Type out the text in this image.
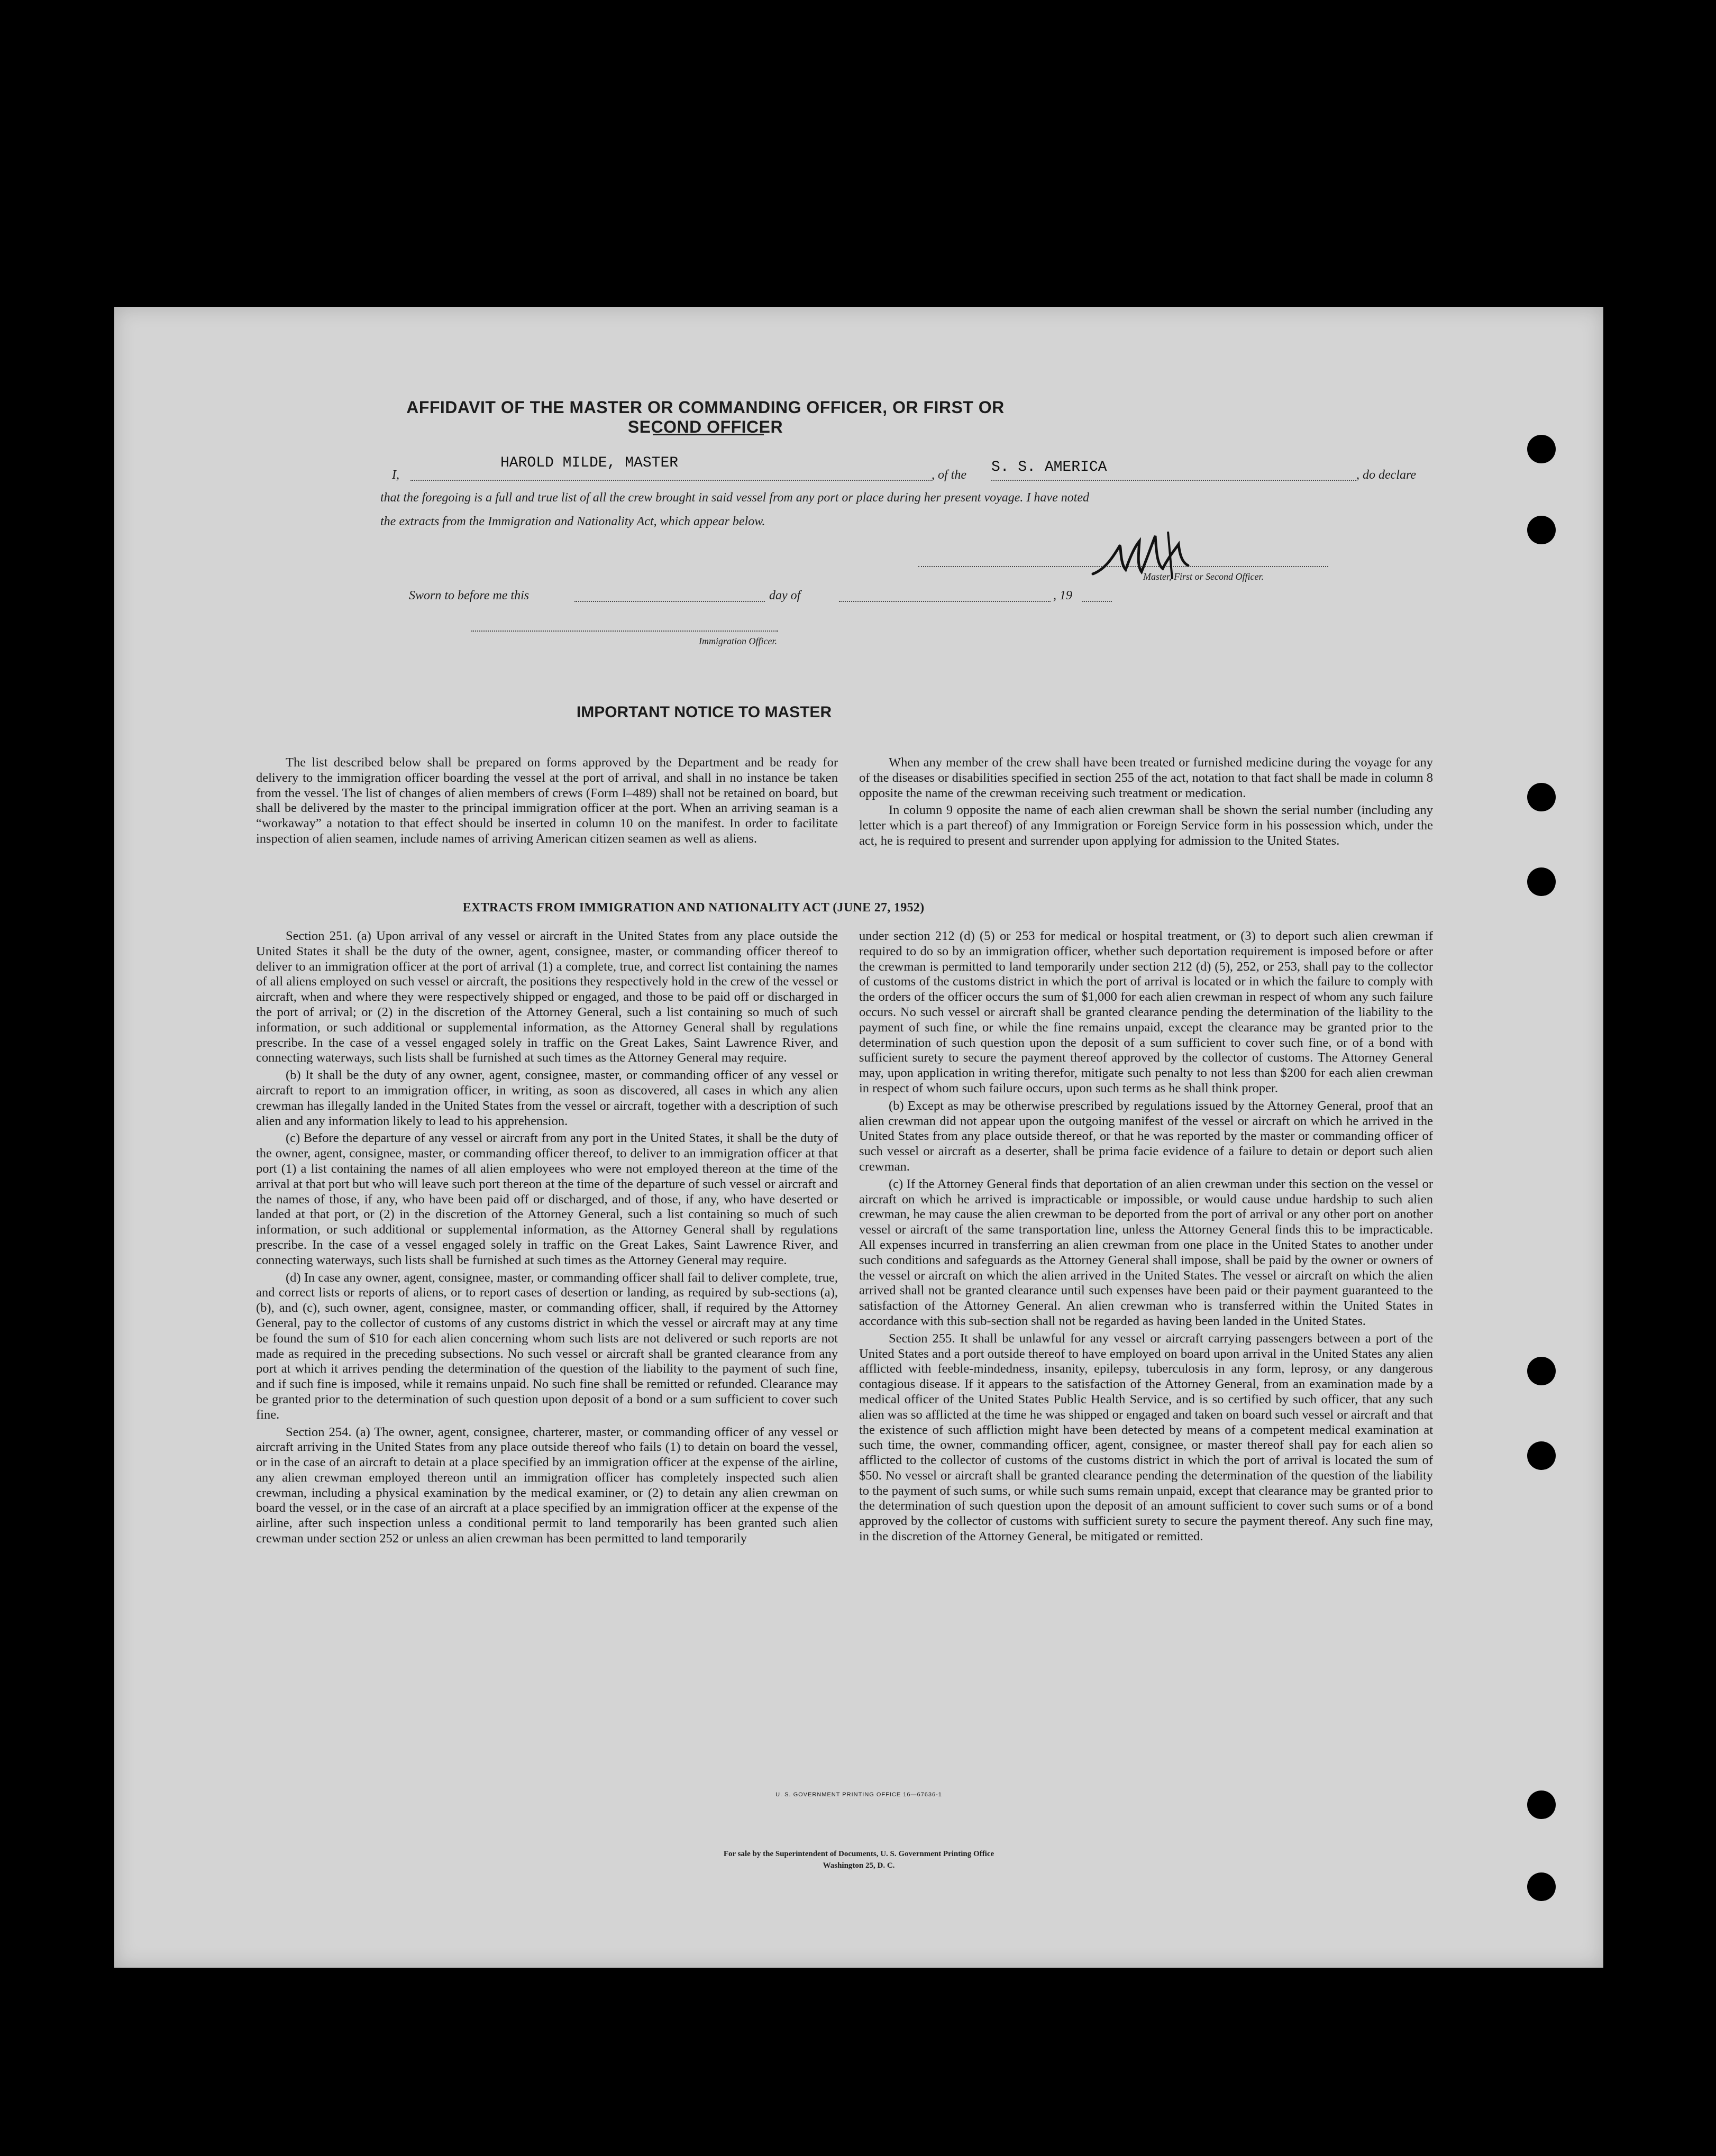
AFFIDAVIT OF THE MASTER OR COMMANDING OFFICER, OR FIRST OR SECOND OFFICER
I,
HAROLD MILDE, MASTER
, of the S. S. AMERICA	, do declare
that the foregoing is a full and true list of all the crew brought in said vessel from any port or place during her present voyage. I have noted
the extracts from the Immigration and Nationality Act, which appear below.
Master, First or Second Officer.
Sworn to before me this	day of	, 19
Immigration Officer.
IMPORTANT NOTICE TO MASTER

The list described below shall be prepared on forms approved by the Department and be ready for delivery to the immigration officer boarding the vessel at the port of arrival, and shall in no instance be taken from the vessel. The list of changes of alien members of crews (Form I–489) shall not be retained on board, but shall be delivered by the master to the principal immigration officer at the port. When an arriving seaman is a “workaway” a notation to that effect should be inserted in column 10 on the manifest. In order to facilitate inspection of alien seamen, include names of arriving American citizen seamen as well as aliens.

When any member of the crew shall have been treated or furnished medicine during the voyage for any of the diseases or disabilities specified in section 255 of the act, notation to that fact shall be made in column 8 opposite the name of the crewman receiving such treatment or medication.

In column 9 opposite the name of each alien crewman shall be shown the serial number (including any letter which is a part thereof) of any Immigration or Foreign Service form in his possession which, under the act, he is required to present and surrender upon applying for admission to the United States.

EXTRACTS FROM IMMIGRATION AND NATIONALITY ACT (JUNE 27, 1952)

Section 251. (a) Upon arrival of any vessel or aircraft in the United States from any place outside the United States it shall be the duty of the owner, agent, consignee, master, or commanding officer thereof to deliver to an immigration officer at the port of arrival (1) a complete, true, and correct list containing the names of all aliens employed on such vessel or aircraft, the positions they respectively hold in the crew of the vessel or aircraft, when and where they were respectively shipped or engaged, and those to be paid off or discharged in the port of arrival; or (2) in the discretion of the Attorney General, such a list containing so much of such information, or such additional or supplemental information, as the Attorney General shall by regulations prescribe. In the case of a vessel engaged solely in traffic on the Great Lakes, Saint Lawrence River, and connecting waterways, such lists shall be furnished at such times as the Attorney General may require.

(b) It shall be the duty of any owner, agent, consignee, master, or commanding officer of any vessel or aircraft to report to an immigration officer, in writing, as soon as discovered, all cases in which any alien crewman has illegally landed in the United States from the vessel or aircraft, together with a description of such alien and any information likely to lead to his apprehension.

(c) Before the departure of any vessel or aircraft from any port in the United States, it shall be the duty of the owner, agent, consignee, master, or commanding officer thereof, to deliver to an immigration officer at that port (1) a list containing the names of all alien employees who were not employed thereon at the time of the arrival at that port but who will leave such port thereon at the time of the departure of such vessel or aircraft and the names of those, if any, who have been paid off or discharged, and of those, if any, who have deserted or landed at that port, or (2) in the discretion of the Attorney General, such a list containing so much of such information, or such additional or supplemental information, as the Attorney General shall by regulations prescribe. In the case of a vessel engaged solely in traffic on the Great Lakes, Saint Lawrence River, and connecting waterways, such lists shall be furnished at such times as the Attorney General may require.

(d) In case any owner, agent, consignee, master, or commanding officer shall fail to deliver complete, true, and correct lists or reports of aliens, or to report cases of desertion or landing, as required by sub-sections (a), (b), and (c), such owner, agent, consignee, master, or commanding officer, shall, if required by the Attorney General, pay to the collector of customs of any customs district in which the vessel or aircraft may at any time be found the sum of $10 for each alien concerning whom such lists are not delivered or such reports are not made as required in the preceding subsections. No such vessel or aircraft shall be granted clearance from any port at which it arrives pending the determination of the question of the liability to the payment of such fine, and if such fine is imposed, while it remains unpaid. No such fine shall be remitted or refunded. Clearance may be granted prior to the determination of such question upon deposit of a bond or a sum sufficient to cover such fine.

Section 254. (a) The owner, agent, consignee, charterer, master, or commanding officer of any vessel or aircraft arriving in the United States from any place outside thereof who fails (1) to detain on board the vessel, or in the case of an aircraft to detain at a place specified by an immigration officer at the expense of the airline, any alien crewman employed thereon until an immigration officer has completely inspected such alien crewman, including a physical examination by the medical examiner, or (2) to detain any alien crewman on board the vessel, or in the case of an aircraft at a place specified by an immigration officer at the expense of the airline, after such inspection unless a conditional permit to land temporarily has been granted such alien crewman under section 252 or unless an alien crewman has been permitted to land temporarily

under section 212 (d) (5) or 253 for medical or hospital treatment, or (3) to deport such alien crewman if required to do so by an immigration officer, whether such deportation requirement is imposed before or after the crewman is permitted to land temporarily under section 212 (d) (5), 252, or 253, shall pay to the collector of customs of the customs district in which the port of arrival is located or in which the failure to comply with the orders of the officer occurs the sum of $1,000 for each alien crewman in respect of whom any such failure occurs. No such vessel or aircraft shall be granted clearance pending the determination of the liability to the payment of such fine, or while the fine remains unpaid, except the clearance may be granted prior to the determination of such question upon the deposit of a sum sufficient to cover such fine, or of a bond with sufficient surety to secure the payment thereof approved by the collector of customs. The Attorney General may, upon application in writing therefor, mitigate such penalty to not less than $200 for each alien crewman in respect of whom such failure occurs, upon such terms as he shall think proper.

(b) Except as may be otherwise prescribed by regulations issued by the Attorney General, proof that an alien crewman did not appear upon the outgoing manifest of the vessel or aircraft on which he arrived in the United States from any place outside thereof, or that he was reported by the master or commanding officer of such vessel or aircraft as a deserter, shall be prima facie evidence of a failure to detain or deport such alien crewman.

(c) If the Attorney General finds that deportation of an alien crewman under this section on the vessel or aircraft on which he arrived is impracticable or impossible, or would cause undue hardship to such alien crewman, he may cause the alien crewman to be deported from the port of arrival or any other port on another vessel or aircraft of the same transportation line, unless the Attorney General finds this to be impracticable. All expenses incurred in transferring an alien crewman from one place in the United States to another under such conditions and safeguards as the Attorney General shall impose, shall be paid by the owner or owners of the vessel or aircraft on which the alien arrived in the United States. The vessel or aircraft on which the alien arrived shall not be granted clearance until such expenses have been paid or their payment guaranteed to the satisfaction of the Attorney General. An alien crewman who is transferred within the United States in accordance with this sub-section shall not be regarded as having been landed in the United States.

Section 255. It shall be unlawful for any vessel or aircraft carrying passengers between a port of the United States and a port outside thereof to have employed on board upon arrival in the United States any alien afflicted with feeble-mindedness, insanity, epilepsy, tuberculosis in any form, leprosy, or any dangerous contagious disease. If it appears to the satisfaction of the Attorney General, from an examination made by a medical officer of the United States Public Health Service, and is so certified by such officer, that any such alien was so afflicted at the time he was shipped or engaged and taken on board such vessel or aircraft and that the existence of such affliction might have been detected by means of a competent medical examination at such time, the owner, commanding officer, agent, consignee, or master thereof shall pay for each alien so afflicted to the collector of customs of the customs district in which the port of arrival is located the sum of $50. No vessel or aircraft shall be granted clearance pending the determination of the question of the liability to the payment of such sums, or while such sums remain unpaid, except that clearance may be granted prior to the determination of such question upon the deposit of an amount sufficient to cover such sums or of a bond approved by the collector of customs with sufficient surety to secure the payment thereof. Any such fine may, in the discretion of the Attorney General, be mitigated or remitted.

U. S. GOVERNMENT PRINTING OFFICE 16—67636-1
For sale by the Superintendent of Documents, U. S. Government Printing Office
Washington 25, D. C.
